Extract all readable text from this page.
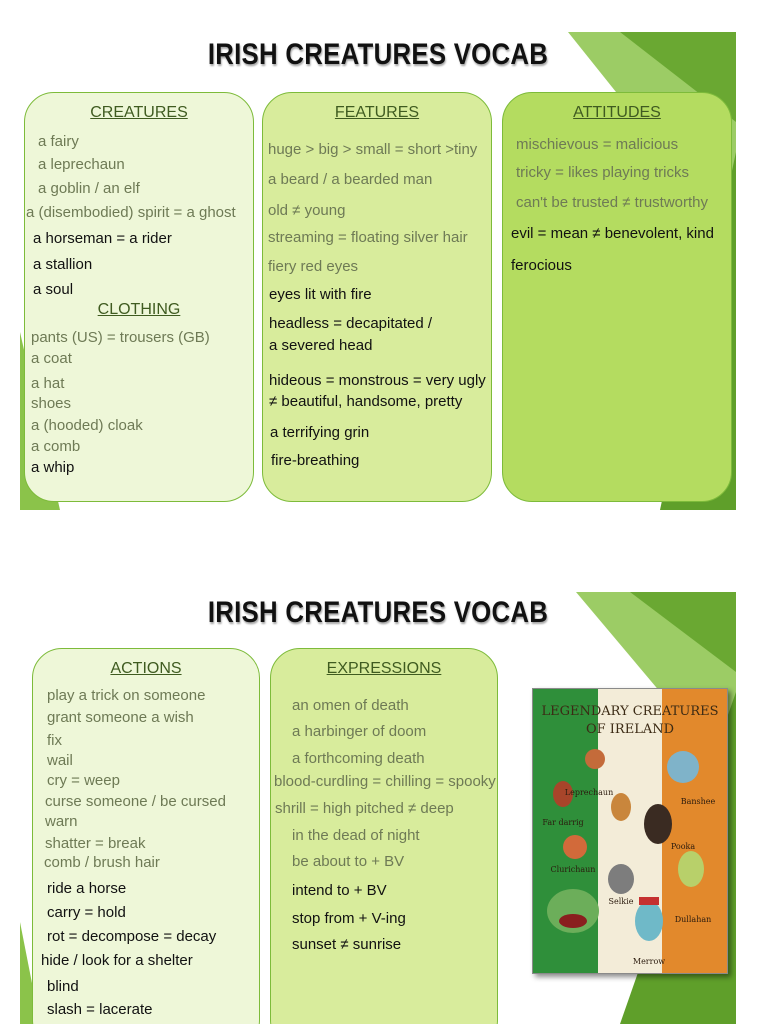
IRISH CREATURES VOCAB
CREATURES
a fairy
a leprechaun
a goblin / an elf
a (disembodied) spirit = a ghost
a horseman = a rider
a stallion
a soul
CLOTHING
pants (US) = trousers (GB)
a coat
a hat
shoes
a (hooded) cloak
a comb
a whip
FEATURES
huge > big > small = short >tiny
a beard / a bearded man
old ≠ young
streaming = floating silver hair
fiery red eyes
eyes lit with fire
headless = decapitated /
a severed head
hideous = monstrous = very ugly
≠ beautiful, handsome, pretty
a terrifying grin
fire-breathing
ATTITUDES
mischievous = malicious
tricky = likes playing tricks
can't be trusted ≠ trustworthy
evil = mean ≠ benevolent, kind
ferocious
IRISH CREATURES VOCAB
ACTIONS
play a trick on someone
grant someone a wish
fix
wail
cry = weep
curse someone / be cursed
warn
shatter = break
comb / brush hair
ride a horse
carry = hold
rot = decompose = decay
hide / look for a shelter
blind
slash = lacerate
EXPRESSIONS
an omen of death
a harbinger of doom
a forthcoming death
blood-curdling = chilling = spooky
shrill = high pitched ≠ deep
in the dead of night
be about to + BV
intend to + BV
stop from + V-ing
sunset ≠ sunrise
LEGENDARY CREATURES
OF IRELAND
Leprechaun
Banshee
Far darrig
Clurichaun
Pooka
Selkie
Dullahan
Merrow
